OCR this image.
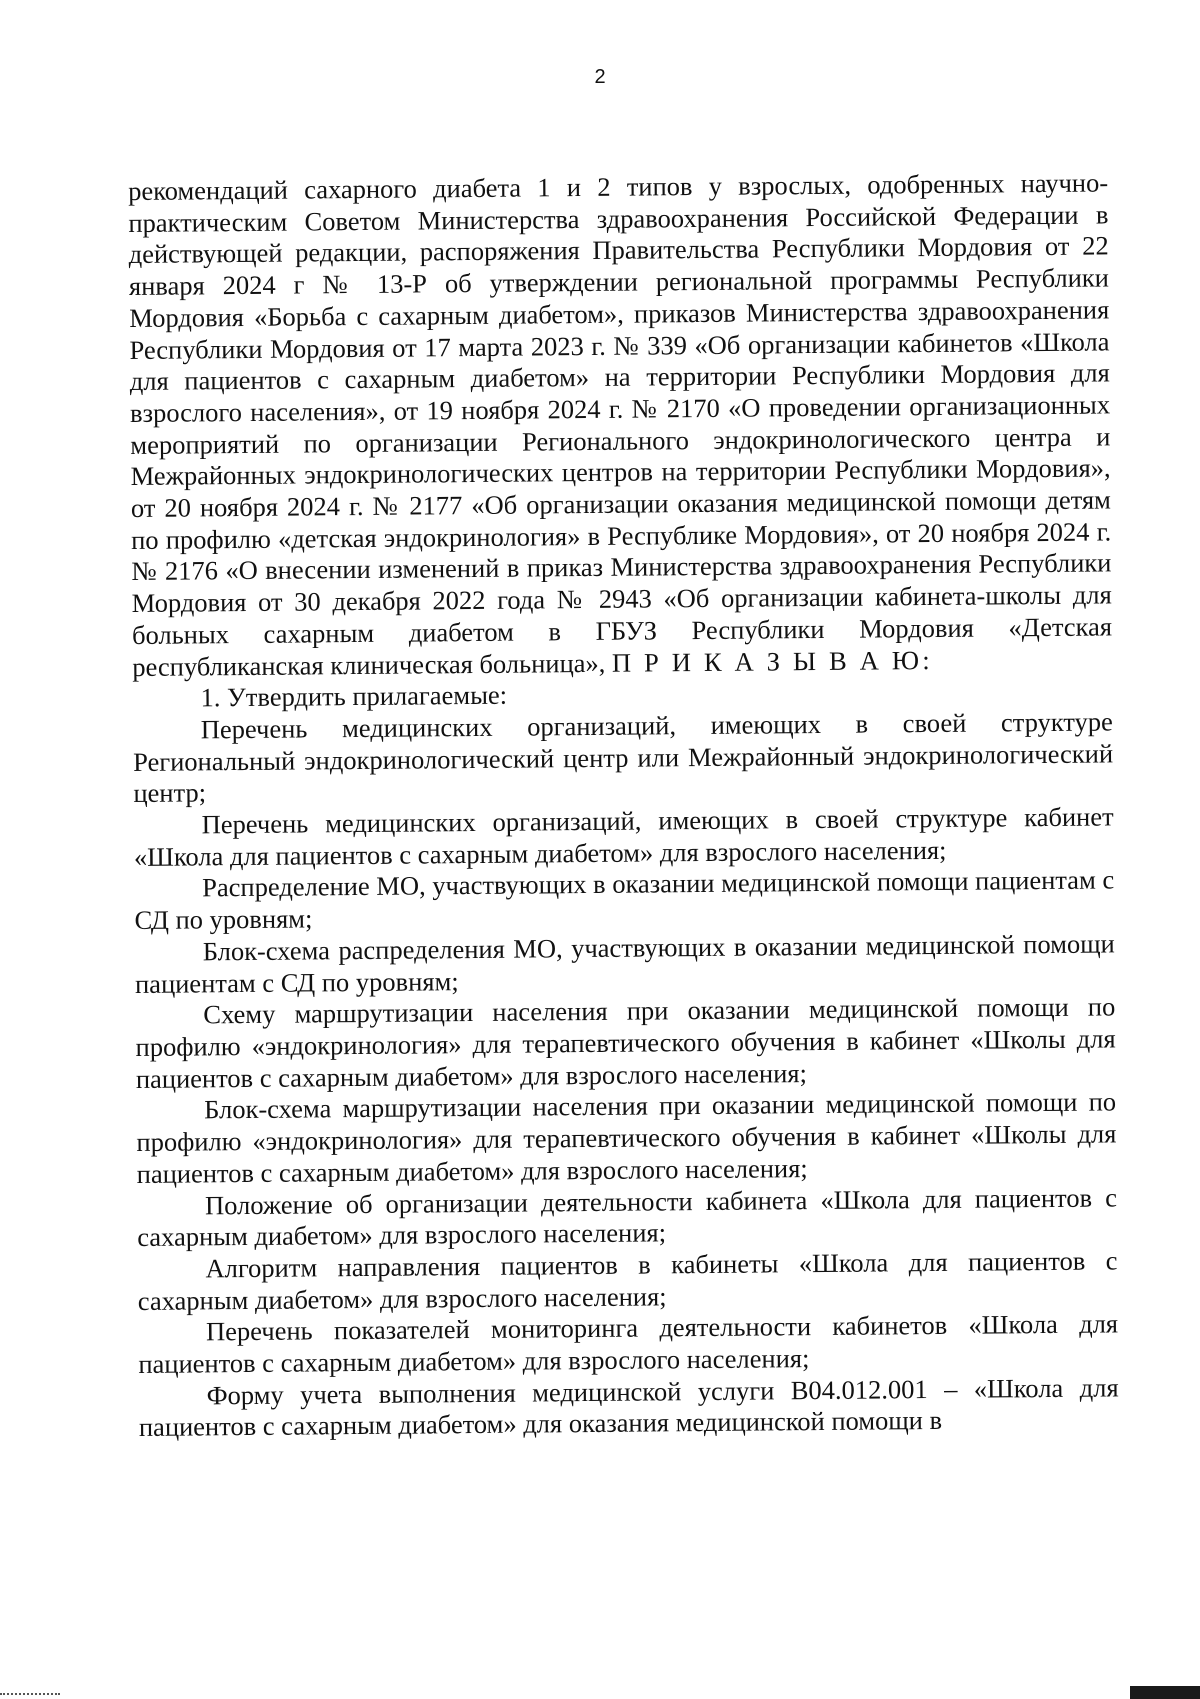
2

рекомендаций сахарного диабета 1 и 2 типов у взрослых, одобренных научно-практическим Советом Министерства здравоохранения Российской Федерации в действующей редакции, распоряжения Правительства Республики Мордовия от 22 января 2024 г № 13-Р об утверждении региональной программы Республики Мордовия «Борьба с сахарным диабетом», приказов Министерства здравоохранения Республики Мордовия от 17 марта 2023 г. № 339 «Об организации кабинетов «Школа для пациентов с сахарным диабетом» на территории Республики Мордовия для взрослого населения», от 19 ноября 2024 г. № 2170 «О проведении организационных мероприятий по организации Регионального эндокринологического центра и Межрайонных эндокринологических центров на территории Республики Мордовия», от 20 ноября 2024 г. № 2177 «Об организации оказания медицинской помощи детям по профилю «детская эндокринология» в Республике Мордовия», от 20 ноября 2024 г. № 2176 «О внесении изменений в приказ Министерства здравоохранения Республики Мордовия от 30 декабря 2022 года № 2943 «Об организации кабинета-школы для больных сахарным диабетом в ГБУЗ Республики Мордовия «Детская республиканская клиническая больница», П Р И К А З Ы В А Ю:

1. Утвердить прилагаемые:

Перечень медицинских организаций, имеющих в своей структуре Региональный эндокринологический центр или Межрайонный эндокринологический центр;

Перечень медицинских организаций, имеющих в своей структуре кабинет «Школа для пациентов с сахарным диабетом» для взрослого населения;

Распределение МО, участвующих в оказании медицинской помощи пациентам с СД по уровням;

Блок-схема распределения МО, участвующих в оказании медицинской помощи пациентам с СД по уровням;

Схему маршрутизации населения при оказании медицинской помощи по профилю «эндокринология» для терапевтического обучения в кабинет «Школы для пациентов с сахарным диабетом» для взрослого населения;

Блок-схема маршрутизации населения при оказании медицинской помощи по профилю «эндокринология» для терапевтического обучения в кабинет «Школы для пациентов с сахарным диабетом» для взрослого населения;

Положение об организации деятельности кабинета «Школа для пациентов с сахарным диабетом» для взрослого населения;

Алгоритм направления пациентов в кабинеты «Школа для пациентов с сахарным диабетом» для взрослого населения;

Перечень показателей мониторинга деятельности кабинетов «Школа для пациентов с сахарным диабетом» для взрослого населения;

Форму учета выполнения медицинской услуги В04.012.001 – «Школа для пациентов с сахарным диабетом» для оказания медицинской помощи в
